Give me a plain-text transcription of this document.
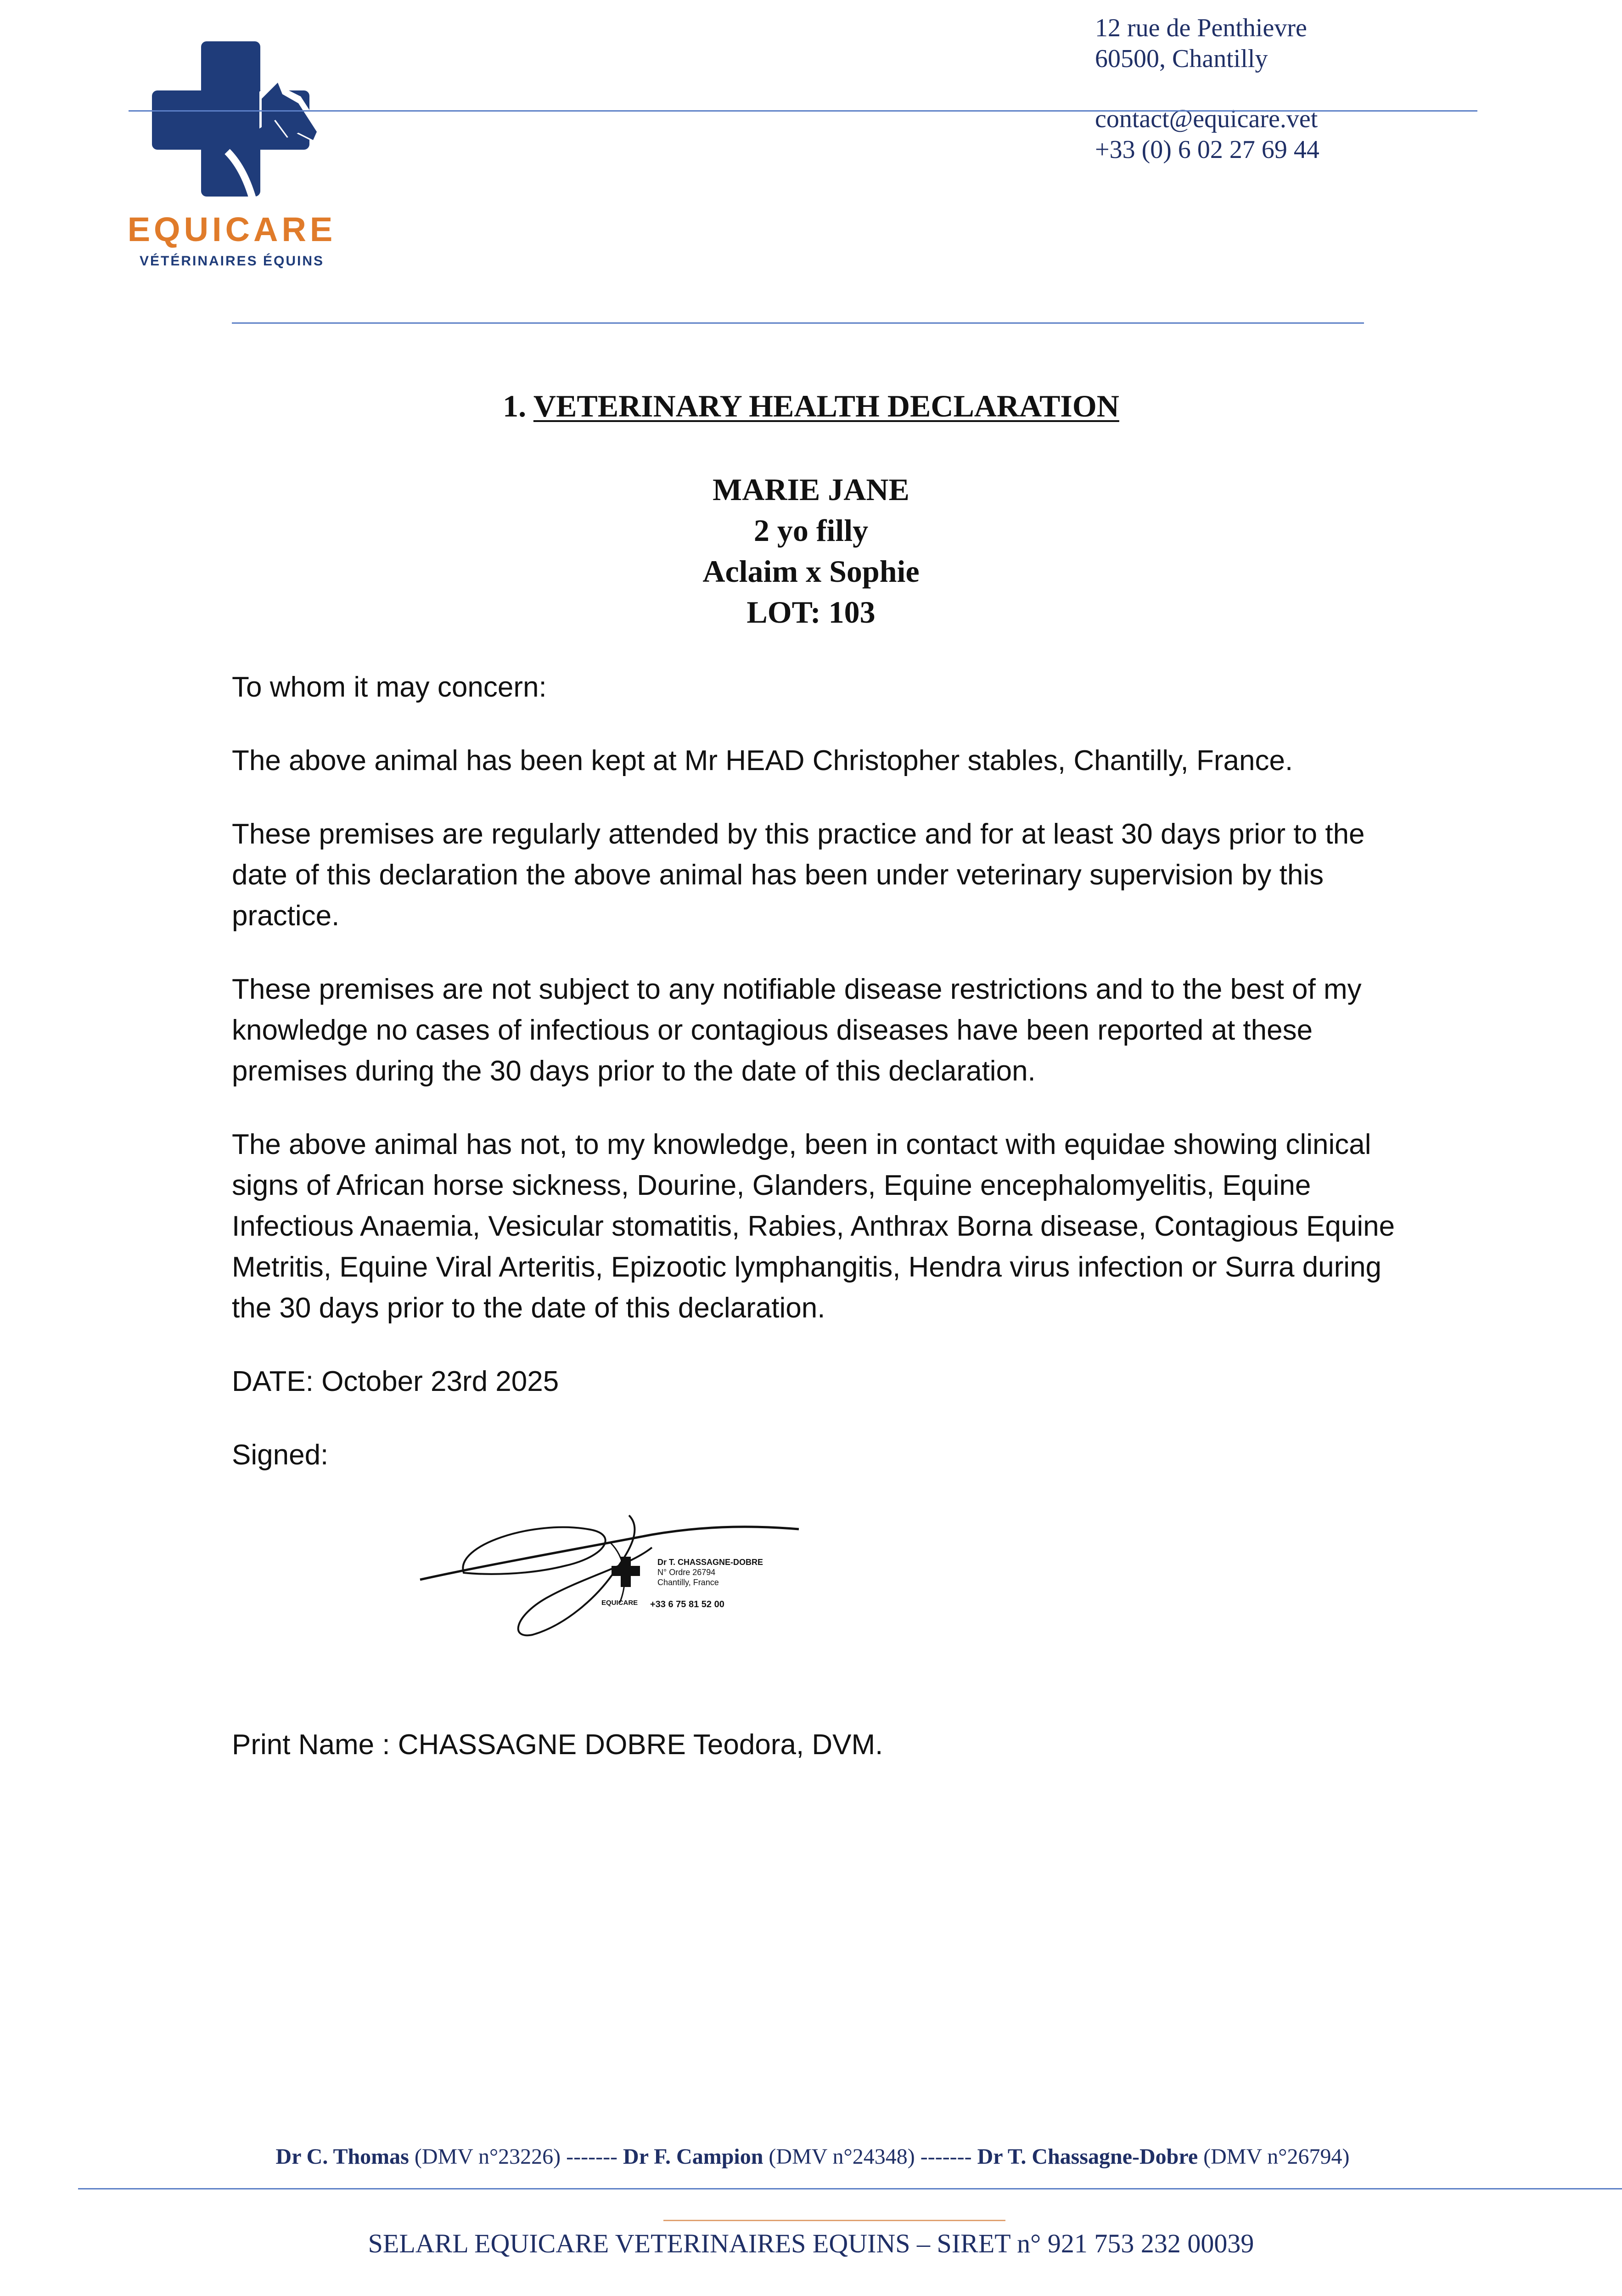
EQUICARE
VÉTÉRINAIRES ÉQUINS
12 rue de Penthievre
60500, Chantilly
contact@equicare.vet
+33 (0) 6 02 27 69 44
1. VETERINARY HEALTH DECLARATION
MARIE JANE
2 yo filly
Aclaim x Sophie
LOT: 103

To whom it may concern:

The above animal has been kept at Mr HEAD Christopher stables, Chantilly, France.

These premises are regularly attended by this practice and for at least 30 days prior to the date of this declaration the above animal has been under veterinary supervision by this practice.

These premises are not subject to any notifiable disease restrictions and to the best of my knowledge no cases of infectious or contagious diseases have been reported at these premises during the 30 days prior to the date of this declaration.

The above animal has not, to my knowledge, been in contact with equidae showing clinical signs of African horse sickness, Dourine, Glanders, Equine encephalomyelitis, Equine Infectious Anaemia, Vesicular stomatitis, Rabies, Anthrax Borna disease, Contagious Equine Metritis, Equine Viral Arteritis, Epizootic lymphangitis, Hendra virus infection or Surra during the 30 days prior to the date of this declaration.

DATE: October 23rd 2025

Signed:

Dr T. CHASSAGNE-DOBRE
N° Ordre 26794
Chantilly, France
EQUICARE +33 6 75 81 52 00
Print Name : CHASSAGNE DOBRE Teodora, DVM.
Dr C. Thomas (DMV n°23226) ------- Dr F. Campion (DMV n°24348) ------- Dr T. Chassagne-Dobre (DMV n°26794)
SELARL EQUICARE VETERINAIRES EQUINS – SIRET n° 921 753 232 00039
